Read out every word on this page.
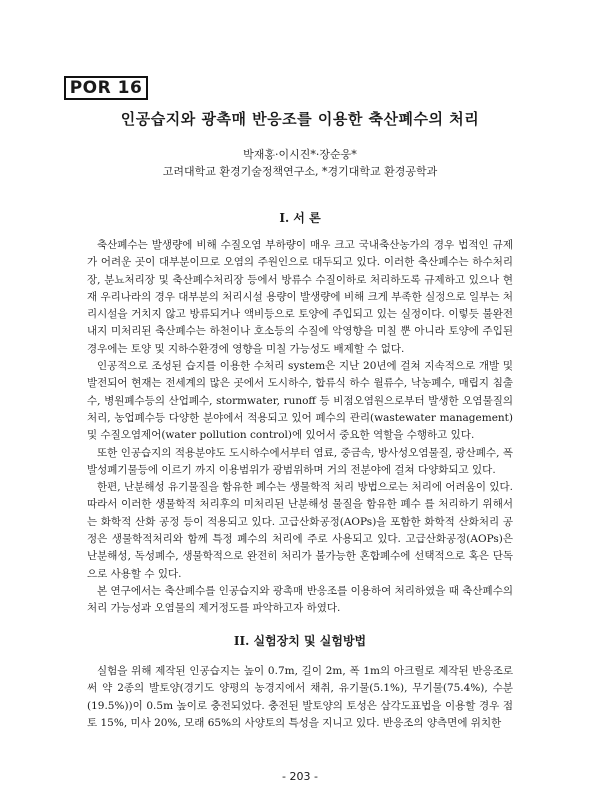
POR 16
인공습지와 광촉매 반응조를 이용한 축산폐수의 처리
박재홍·이시진*·장순웅*
고려대학교 환경기술정책연구소, *경기대학교 환경공학과
I. 서 론

축산폐수는 발생량에 비해 수질오염 부하량이 매우 크고 국내축산농가의 경우 법적인 규제가 어려운 곳이 대부분이므로 오염의 주원인으로 대두되고 있다. 이러한 축산폐수는 하수처리장, 분뇨처리장 및 축산폐수처리장 등에서 방류수 수질이하로 처리하도록 규제하고 있으나 현재 우리나라의 경우 대부분의 처리시설 용량이 발생량에 비해 크게 부족한 실정으로 일부는 처리시설을 거치지 않고 방류되거나 액비등으로 토양에 주입되고 있는 실정이다. 이렇듯 불완전 내지 미처리된 축산폐수는 하천이나 호소등의 수질에 악영향을 미칠 뿐 아니라 토양에 주입된 경우에는 토양 및 지하수환경에 영향을 미칠 가능성도 배제할 수 없다.

인공적으로 조성된 습지를 이용한 수처리 system은 지난 20년에 걸쳐 지속적으로 개발 및 발전되어 현재는 전세계의 많은 곳에서 도시하수, 합류식 하수 월류수, 낙농폐수, 매립지 침출수, 병원폐수등의 산업폐수, stormwater, runoff 등 비점오염원으로부터 발생한 오염물질의 처리, 농업폐수등 다양한 분야에서 적용되고 있어 폐수의 관리(wastewater management) 및 수질오염제어(water pollution control)에 있어서 중요한 역할을 수행하고 있다.

또한 인공습지의 적용분야도 도시하수에서부터 염료, 중금속, 방사성오염물질, 광산폐수, 폭발성폐기물등에 이르기 까지 이용범위가 광범위하며 거의 전분야에 걸쳐 다양화되고 있다.

한편, 난분해성 유기물질을 함유한 폐수는 생물학적 처리 방법으로는 처리에 어려움이 있다. 따라서 이러한 생물학적 처리후의 미처리된 난분해성 물질을 함유한 폐수 를 처리하기 위해서는 화학적 산화 공정 등이 적용되고 있다. 고급산화공정(AOPs)을 포함한 화학적 산화처리 공정은 생물학적처리와 함께 특정 폐수의 처리에 주로 사용되고 있다. 고급산화공정(AOPs)은 난분해성, 독성폐수, 생물학적으로 완전히 처리가 불가능한 혼합폐수에 선택적으로 혹은 단독으로 사용할 수 있다.

본 연구에서는 축산폐수를 인공습지와 광촉매 반응조를 이용하여 처리하였을 때 축산폐수의 처리 가능성과 오염물의 제거정도를 파악하고자 하였다.

II. 실험장치 및 실험방법

실험을 위해 제작된 인공습지는 높이 0.7m, 길이 2m, 폭 1m의 아크릴로 제작된 반응조로써 약 2종의 발토양(경기도 양평의 농경지에서 채취, 유기물(5.1%), 무기물(75.4%), 수분(19.5%))이 0.5m 높이로 충전되었다. 충전된 발토양의 토성은 삼각도표법을 이용할 경우 점토 15%, 미사 20%, 모래 65%의 사양토의 특성을 지니고 있다. 반응조의 양측면에 위치한

- 203 -
